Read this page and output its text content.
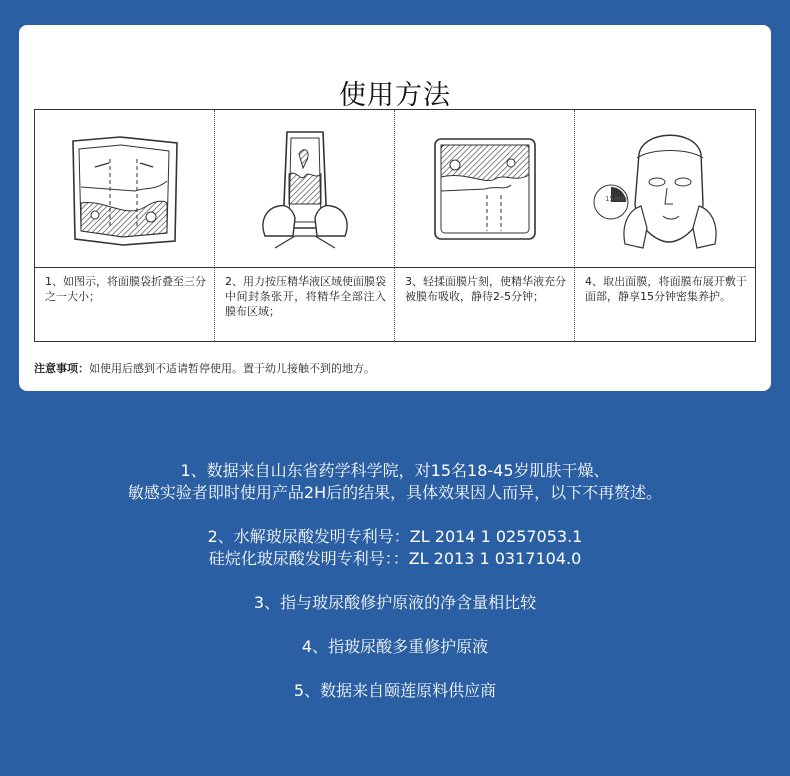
使用方法
15min
1、如图示，将面膜袋折叠至三分之一大小；
2、用力按压精华液区域使面膜袋中间封条张开，将精华全部注入膜布区域；
3、轻揉面膜片刻，使精华液充分被膜布吸收，静待2-5分钟；
4、取出面膜，将面膜布展开敷于面部，静享15分钟密集养护。
注意事项：如使用后感到不适请暂停使用。置于幼儿接触不到的地方。
1、数据来自山东省药学科学院，对15名18-45岁肌肤干燥、
敏感实验者即时使用产品2H后的结果，具体效果因人而异，以下不再赘述。
2、水解玻尿酸发明专利号：ZL 2014 1 0257053.1
硅烷化玻尿酸发明专利号：：ZL 2013 1 0317104.0
3、指与玻尿酸修护原液的净含量相比较
4、指玻尿酸多重修护原液
5、数据来自颐莲原料供应商
